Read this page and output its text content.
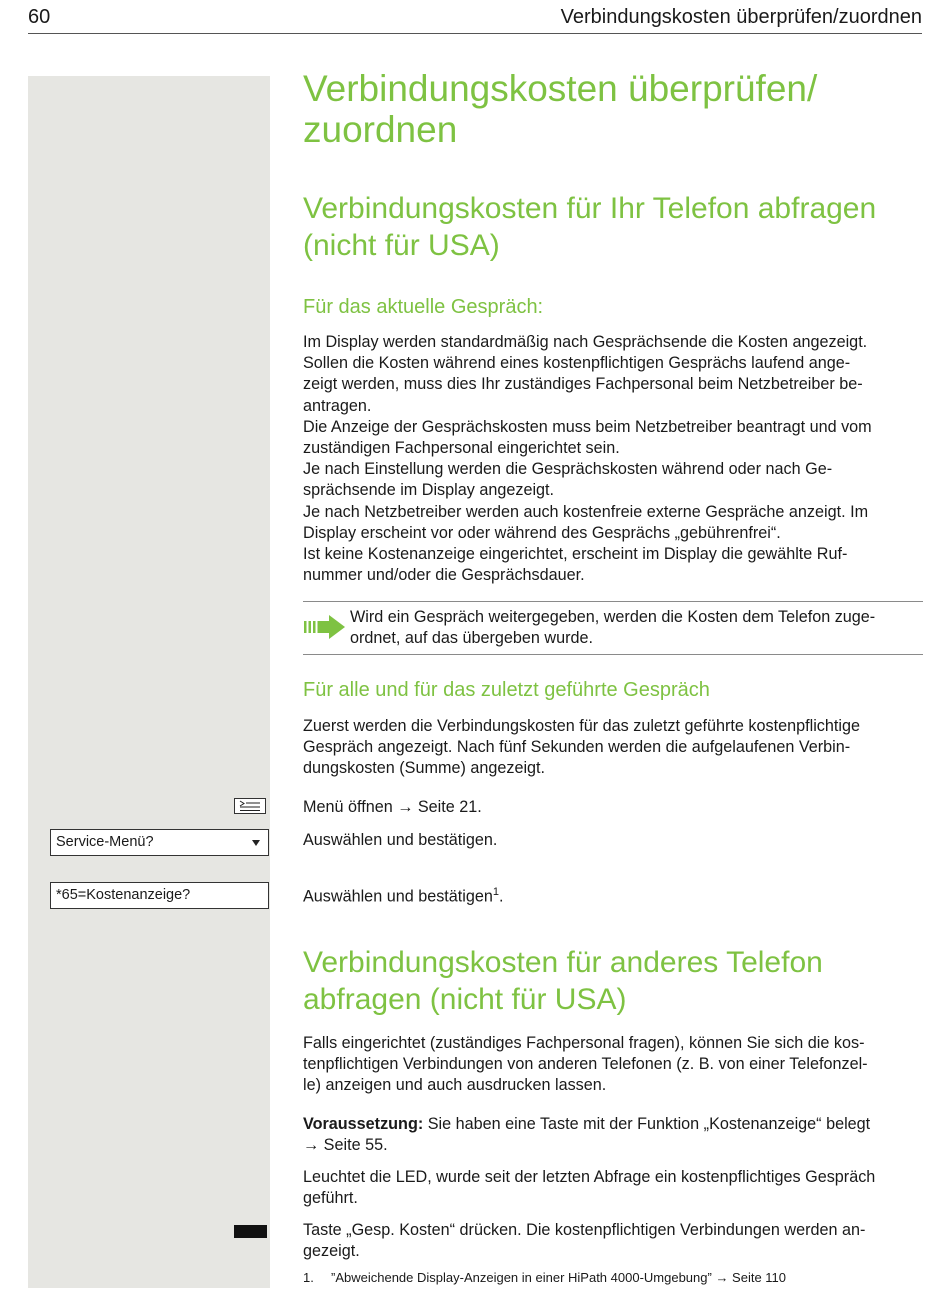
60	Verbindungskosten überprüfen/zuordnen
Verbindungskosten überprüfen/
zuordnen
Verbindungskosten für Ihr Telefon abfragen
(nicht für USA)
Für das aktuelle Gespräch:

Im Display werden standardmäßig nach Gesprächsende die Kosten angezeigt.

Sollen die Kosten während eines kostenpflichtigen Gesprächs laufend ange-

zeigt werden, muss dies Ihr zuständiges Fachpersonal beim Netzbetreiber be-

antragen.

Die Anzeige der Gesprächskosten muss beim Netzbetreiber beantragt und vom

zuständigen Fachpersonal eingerichtet sein.

Je nach Einstellung werden die Gesprächskosten während oder nach Ge-

sprächsende im Display angezeigt.

Je nach Netzbetreiber werden auch kostenfreie externe Gespräche anzeigt. Im

Display erscheint vor oder während des Gesprächs „gebührenfrei“.

Ist keine Kostenanzeige eingerichtet, erscheint im Display die gewählte Ruf-

nummer und/oder die Gesprächsdauer.

Wird ein Gespräch weitergegeben, werden die Kosten dem Telefon zuge-
ordnet, auf das übergeben wurde.
Für alle und für das zuletzt geführte Gespräch

Zuerst werden die Verbindungskosten für das zuletzt geführte kostenpflichtige

Gespräch angezeigt. Nach fünf Sekunden werden die aufgelaufenen Verbin-

dungskosten (Summe) angezeigt.

Menü öffnen → Seite 21.
Service-Menü?	Auswählen und bestätigen.
*65=Kostenanzeige?	Auswählen und bestätigen$^1$.
Verbindungskosten für anderes Telefon
abfragen (nicht für USA)

Falls eingerichtet (zuständiges Fachpersonal fragen), können Sie sich die kos-

tenpflichtigen Verbindungen von anderen Telefonen (z. B. von einer Telefonzel-

le) anzeigen und auch ausdrucken lassen.

Voraussetzung: Sie haben eine Taste mit der Funktion „Kostenanzeige“ belegt

→ Seite 55.

Leuchtet die LED, wurde seit der letzten Abfrage ein kostenpflichtiges Gespräch

geführt.

Taste „Gesp. Kosten“ drücken. Die kostenpflichtigen Verbindungen werden an-

gezeigt.

1. ”Abweichende Display-Anzeigen in einer HiPath 4000-Umgebung” → Seite 110
